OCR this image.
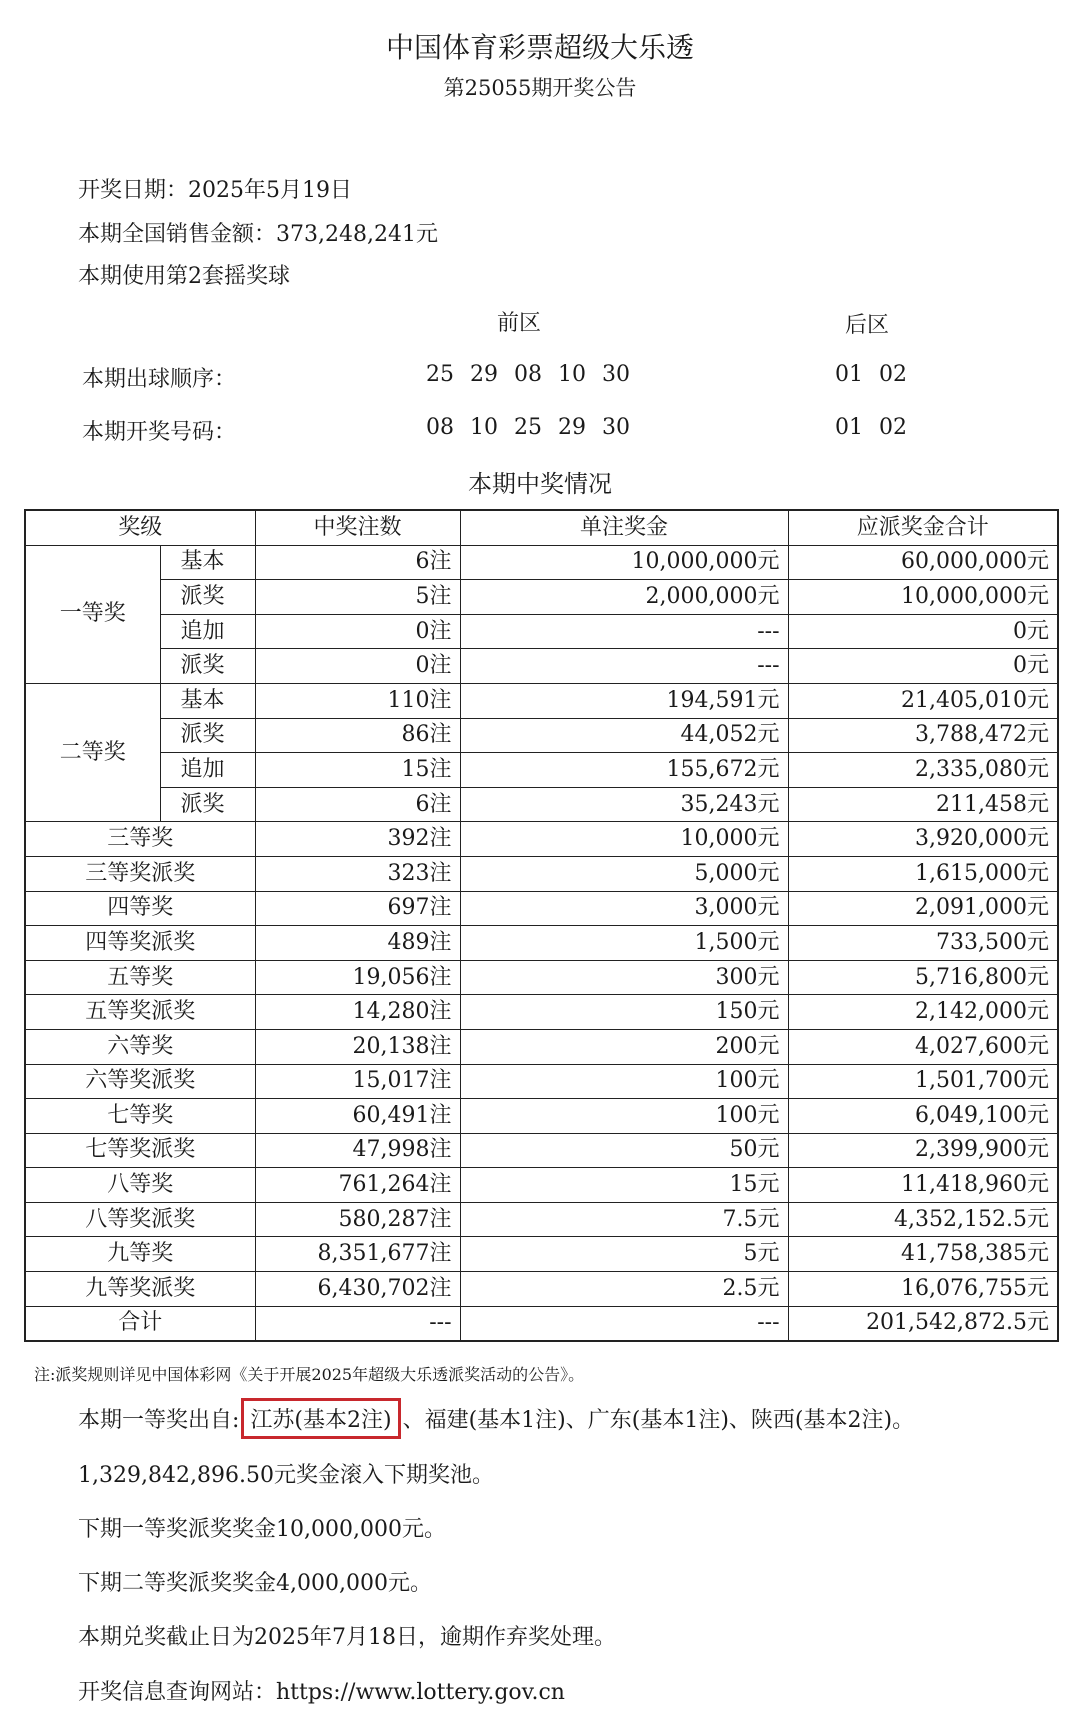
中国体育彩票超级大乐透
第25055期开奖公告
开奖日期：2025年5月19日
本期全国销售金额：373,248,241元
本期使用第2套摇奖球
前区	后区
本期出球顺序：	25 29 08 10 30	01 02
本期开奖号码：	08 10 25 29 30	01 02
本期中奖情况
奖级		中奖注数	单注奖金	应派奖金合计
一等奖	基本	6注	10,000,000元	60,000,000元
	派奖	5注	2,000,000元	10,000,000元
	追加	0注	---	0元
	派奖	0注	---	0元
二等奖	基本	110注	194,591元	21,405,010元
	派奖	86注	44,052元	3,788,472元
	追加	15注	155,672元	2,335,080元
	派奖	6注	35,243元	211,458元
三等奖		392注	10,000元	3,920,000元
三等奖派奖		323注	5,000元	1,615,000元
四等奖		697注	3,000元	2,091,000元
四等奖派奖		489注	1,500元	733,500元
五等奖		19,056注	300元	5,716,800元
五等奖派奖		14,280注	150元	2,142,000元
六等奖		20,138注	200元	4,027,600元
六等奖派奖		15,017注	100元	1,501,700元
七等奖		60,491注	100元	6,049,100元
七等奖派奖		47,998注	50元	2,399,900元
八等奖		761,264注	15元	11,418,960元
八等奖派奖		580,287注	7.5元	4,352,152.5元
九等奖		8,351,677注	5元	41,758,385元
九等奖派奖		6,430,702注	2.5元	16,076,755元
合计		---	---	201,542,872.5元
注:派奖规则详见中国体彩网《关于开展2025年超级大乐透派奖活动的公告》。
本期一等奖出自: 江苏(基本2注) 、福建(基本1注)、广东(基本1注)、陕西(基本2注)。
1,329,842,896.50元奖金滚入下期奖池。
下期一等奖派奖奖金10,000,000元。
下期二等奖派奖奖金4,000,000元。
本期兑奖截止日为2025年7月18日，逾期作弃奖处理。
开奖信息查询网站：https://www.lottery.gov.cn
